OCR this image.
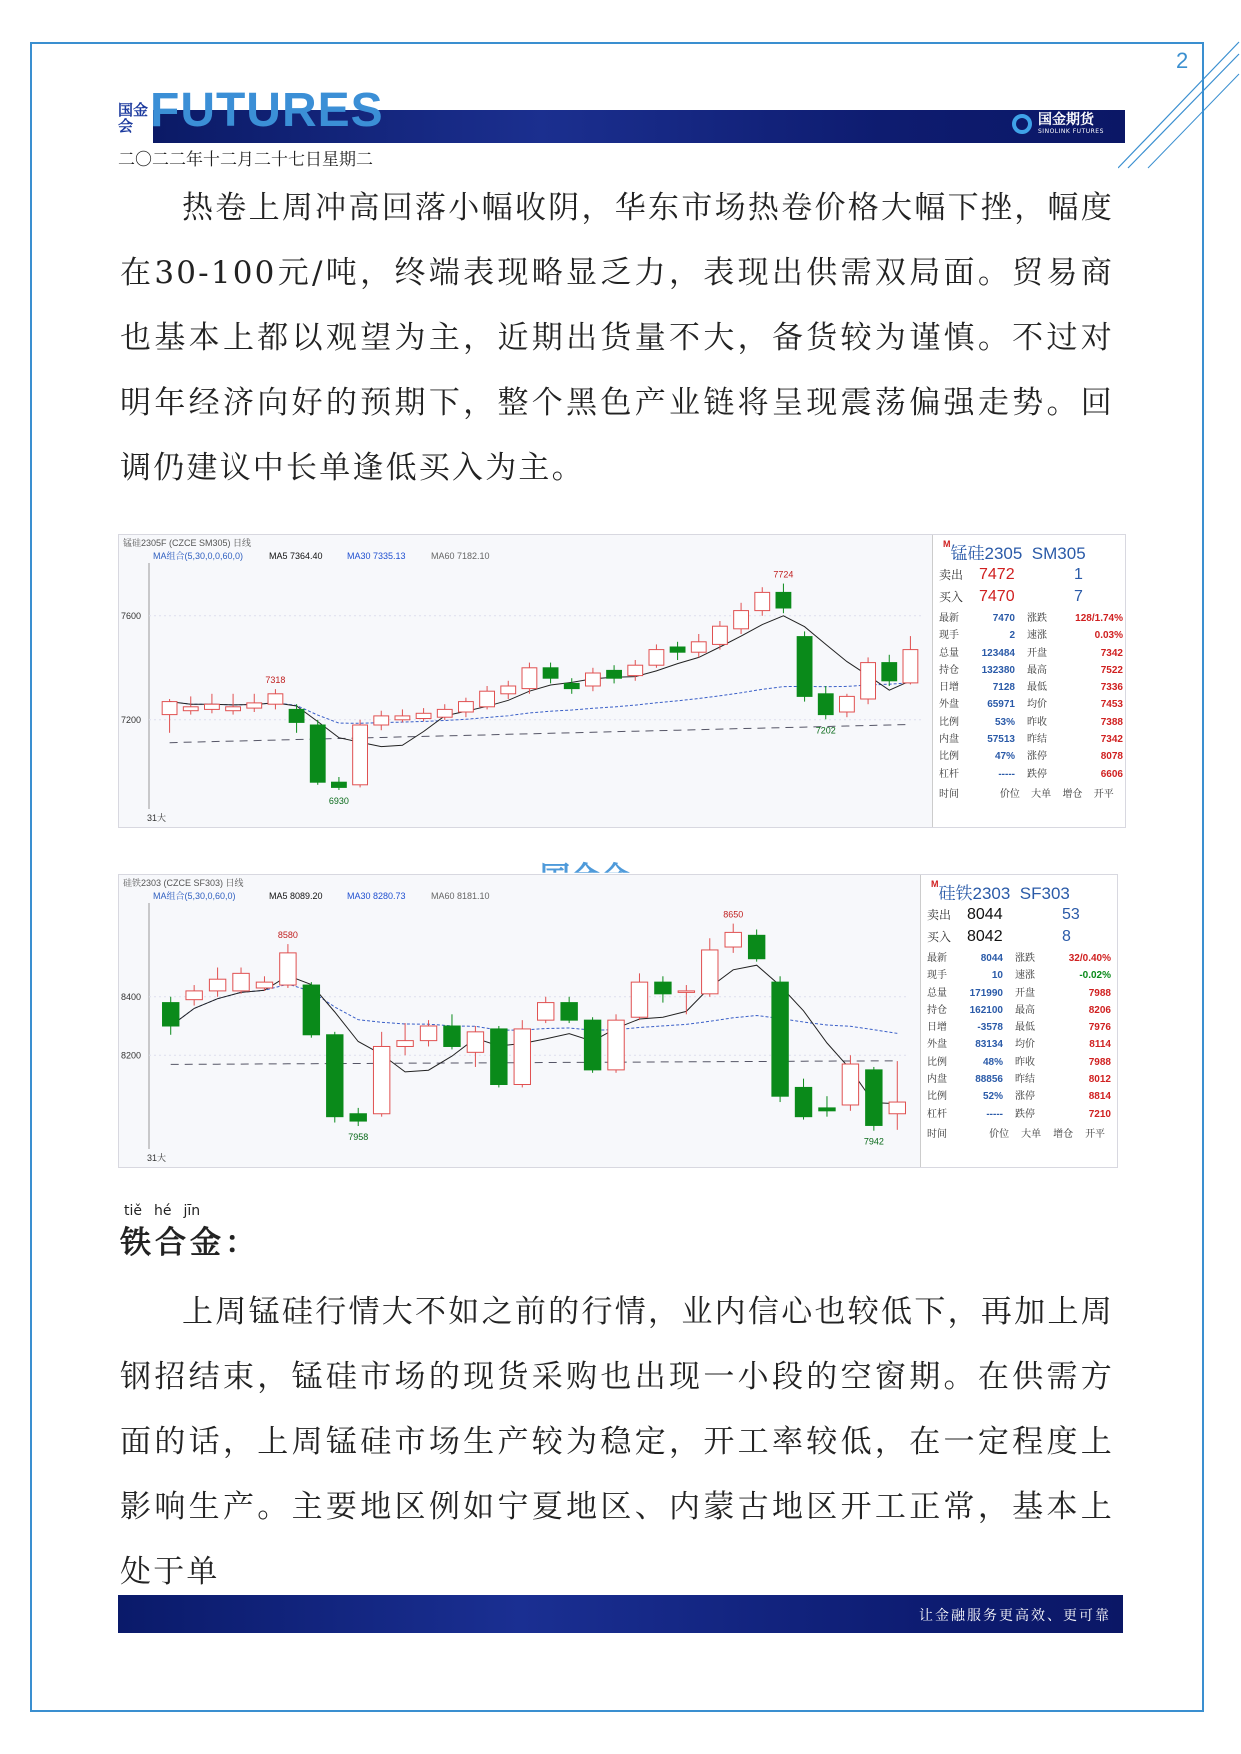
2
国金会 FUTURES	国金期货
SINOLINK FUTURES
二〇二二年十二月二十七日星期二

热卷上周冲高回落小幅收阴，华东市场热卷价格大幅下挫，幅度在30-100元/吨，终端表现略显乏力，表现出供需双局面。贸易商也基本上都以观望为主，近期出货量不大，备货较为谨慎。不过对明年经济向好的预期下，整个黑色产业链将呈现震荡偏强走势。回调仍建议中长单逢低买入为主。

锰硅2305F (CZCE SM305) 日线
MA组合(5,30,0,0,60,0)	MA5 7364.40	MA30 7335.13	MA60 7182.10
7600
7200
7724
7318
6930
7202
31大
$^M$锰硅2305 SM305
卖出 7472	1
买入 7470	7
最新	7470	涨跌	128/1.74%
现手	2	速涨	0.03%
总量	123484	开盘	7342
持仓	132380	最高	7522
日增	7128	最低	7336
外盘	65971	均价	7453
比例	53%	昨收	7388
内盘	57513	昨结	7342
比例	47%	涨停	8078
杠杆	-----	跌停	6606
时间	价位	大单	增仓	开平
硅铁2303 (CZCE SF303) 日线
MA组合(5,30,0,60,0)	MA5 8089.20	MA30 8280.73	MA60 8181.10
8400
8200
8650
8580
7958	7942
31大
$^M$硅铁2303 SF303
卖出 8044	53
买入 8042	8
最新	8044	涨跌	32/0.40%
现手	10	速涨	-0.02%
总量	171990	开盘	7988
持仓	162100	最高	8206
日增	-3578	最低	7976
外盘	83134	均价	8114
比例	48%	昨收	7988
内盘	88856	昨结	8012
比例	52%	涨停	8814
杠杆	-----	跌停	7210
时间	价位	大单	增仓	开平
tiě hé jīn
铁合金：

上周锰硅行情大不如之前的行情，业内信心也较低下，再加上周钢招结束，锰硅市场的现货采购也出现一小段的空窗期。在供需方面的话，上周锰硅市场生产较为稳定，开工率较低，在一定程度上影响生产。主要地区例如宁夏地区、内蒙古地区开工正常，基本上处于单

让金融服务更高效、更可靠
